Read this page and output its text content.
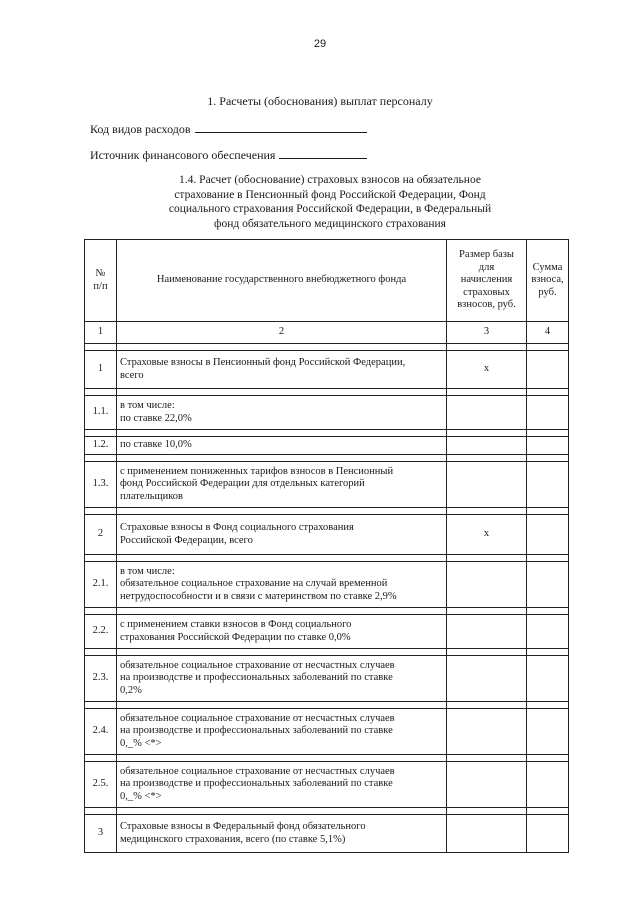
29
1. Расчеты (обоснования) выплат персоналу
Код видов расходов
Источник финансового обеспечения
1.4. Расчет (обоснование) страховых взносов на обязательное
страхование в Пенсионный фонд Российской Федерации, Фонд
социального страхования Российской Федерации, в Федеральный
фонд обязательного медицинского страхования
№
п/п	Наименование государственного внебюджетного фонда	Размер базы
для
начисления
страховых
взносов, руб.	Сумма
взноса,
руб.
1	2	3	4

1	Страховые взносы в Пенсионный фонд Российской Федерации,
всего	х	

1.1.	в том числе:
по ставке 22,0%		

1.2.	по ставке 10,0%		

1.3.	с применением пониженных тарифов взносов в Пенсионный
фонд Российской Федерации для отдельных категорий
плательщиков		

2	Страховые взносы в Фонд социального страхования
Российской Федерации, всего	х	

2.1.	в том числе:
обязательное социальное страхование на случай временной
нетрудоспособности и в связи с материнством по ставке 2,9%		

2.2.	с применением ставки взносов в Фонд социального
страхования Российской Федерации по ставке 0,0%		

2.3.	обязательное социальное страхование от несчастных случаев
на производстве и профессиональных заболеваний по ставке
0,2%		

2.4.	обязательное социальное страхование от несчастных случаев
на производстве и профессиональных заболеваний по ставке
0,_% <*>		

2.5.	обязательное социальное страхование от несчастных случаев
на производстве и профессиональных заболеваний по ставке
0,_% <*>		

3	Страховые взносы в Федеральный фонд обязательного
медицинского страхования, всего (по ставке 5,1%)		
